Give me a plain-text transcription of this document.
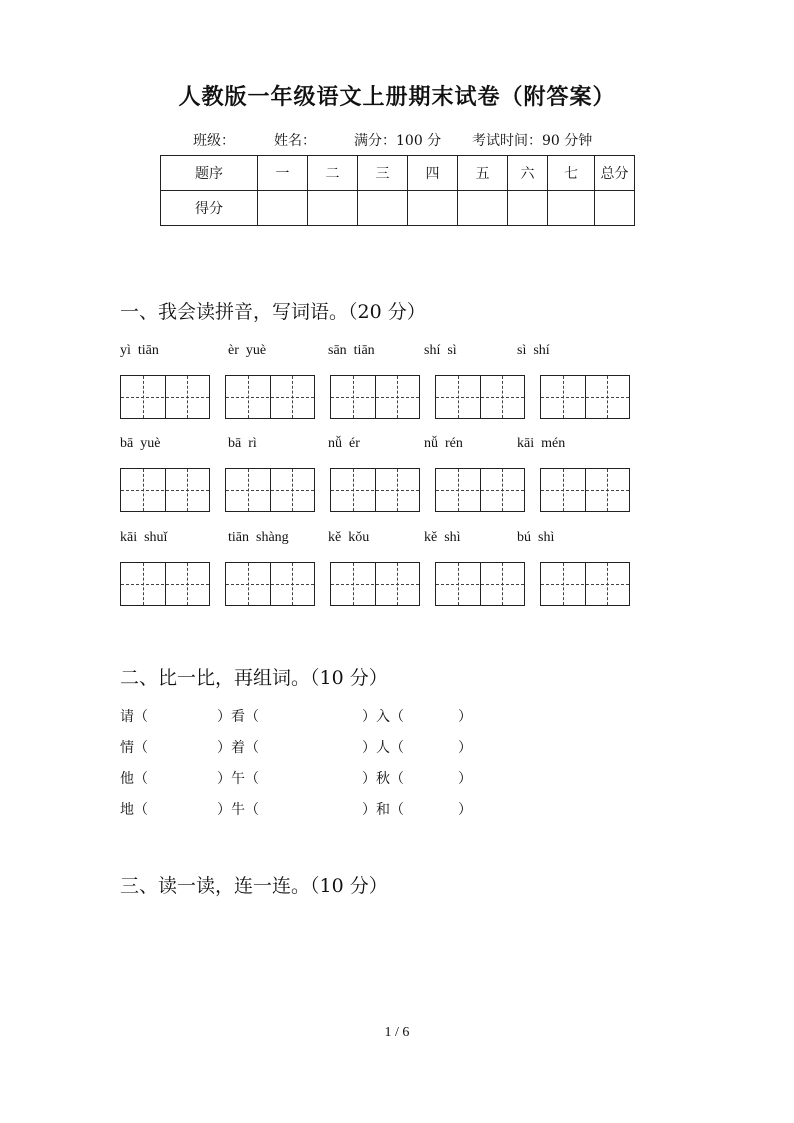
人教版一年级语文上册期末试卷（附答案）
班级：	姓名：	满分：100 分 考试时间：90 分钟
题序	一	二	三	四	五	六	七	总分
得分								
一、我会读拼音，写词语。（20 分）
yì  tiān	èr  yuè	sān  tiān	shí  sì	sì  shí
bā  yuè	bā  rì	nǚ  ér	nǚ  rén	kāi  mén
kāi  shuǐ	tiān  shàng	kě  kǒu	kě  shì	bú  shì
二、比一比，再组词。（10 分）
请（	）看（	）入（	）
情（	）着（	）人（	）
他（	）午（	）秋（	）
地（	）牛（	）和（	）
三、读一读，连一连。（10 分）
1 / 6
